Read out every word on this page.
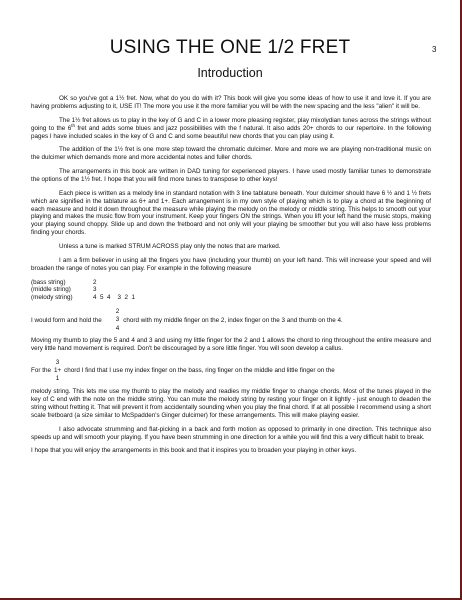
USING THE ONE 1/2 FRET	3
Introduction

OK so you've got a 1½ fret. Now, what do you do with it? This book will give you some ideas of how to use it and love it. If you are having problems adjusting to it, USE IT! The more you use it the more familiar you will be with the new spacing and the less "alien" it will be.

The 1½ fret allows us to play in the key of G and C in a lower more pleasing register, play mixolydian tunes across the strings without going to the 6th fret and adds some blues and jazz possibilities with the f natural. It also adds 20+ chords to our repertoire. In the following pages I have included scales in the key of G and C and some beautiful new chords that you can play using it.

The addition of the 1½ fret is one more step toward the chromatic dulcimer. More and more we are playing non-traditional music on the dulcimer which demands more and more accidental notes and fuller chords.

The arrangements in this book are written in DAD tuning for experienced players. I have used mostly familiar tunes to demonstrate the options of the 1½ fret. I hope that you will find more tunes to transpose to other keys!

Each piece is written as a melody line in standard notation with 3 line tablature beneath. Your dulcimer should have 6 ½ and 1 ½ frets which are signified in the tablature as 6+ and 1+. Each arrangement is in my own style of playing which is to play a chord at the beginning of each measure and hold it down throughout the measure while playing the melody on the melody or middle string. This helps to smooth out your playing and makes the music flow from your instrument. Keep your fingers ON the strings. When you lift your left hand the music stops, making your playing sound choppy. Slide up and down the fretboard and not only will your playing be smoother but you will also have less problems finding your chords.

Unless a tune is marked STRUM ACROSS play only the notes that are marked.

I am a firm believer in using all the fingers you have (including your thumb) on your left hand. This will increase your speed and will broaden the range of notes you can play. For example in the following measure

(bass string)	2
(middle string)	3
(melody string)	4  5  4    3  2  1
I would form and hold the
2
3
4
chord with my middle finger on the 2, index finger on the 3 and thumb on the 4.

Moving my thumb to play the 5 and 4 and 3 and using my little finger for the 2 and 1 allows the chord to ring throughout the entire measure and very little hand movement is required. Don't be discouraged by a sore little finger. You will soon develop a callus.

For the
3
1+
1
chord I find that I use my index finger on the bass, ring finger on the middle and little finger on the

melody string. This lets me use my thumb to play the melody and readies my middle finger to change chords. Most of the tunes played in the key of C end with the note on the middle string. You can mute the melody string by resting your finger on it lightly - just enough to deaden the string without fretting it. That will prevent it from accidentally sounding when you play the final chord. If at all possible I recommend using a short scale fretboard (a size similar to McSpadden's Ginger dulcimer) for these arrangements. This will make playing easier.

I also advocate strumming and flat-picking in a back and forth motion as opposed to primarily in one direction. This technique also speeds up and will smooth your playing. If you have been strumming in one direction for a while you will find this a very difficult habit to break.

I hope that you will enjoy the arrangements in this book and that it inspires you to broaden your playing in other keys.
